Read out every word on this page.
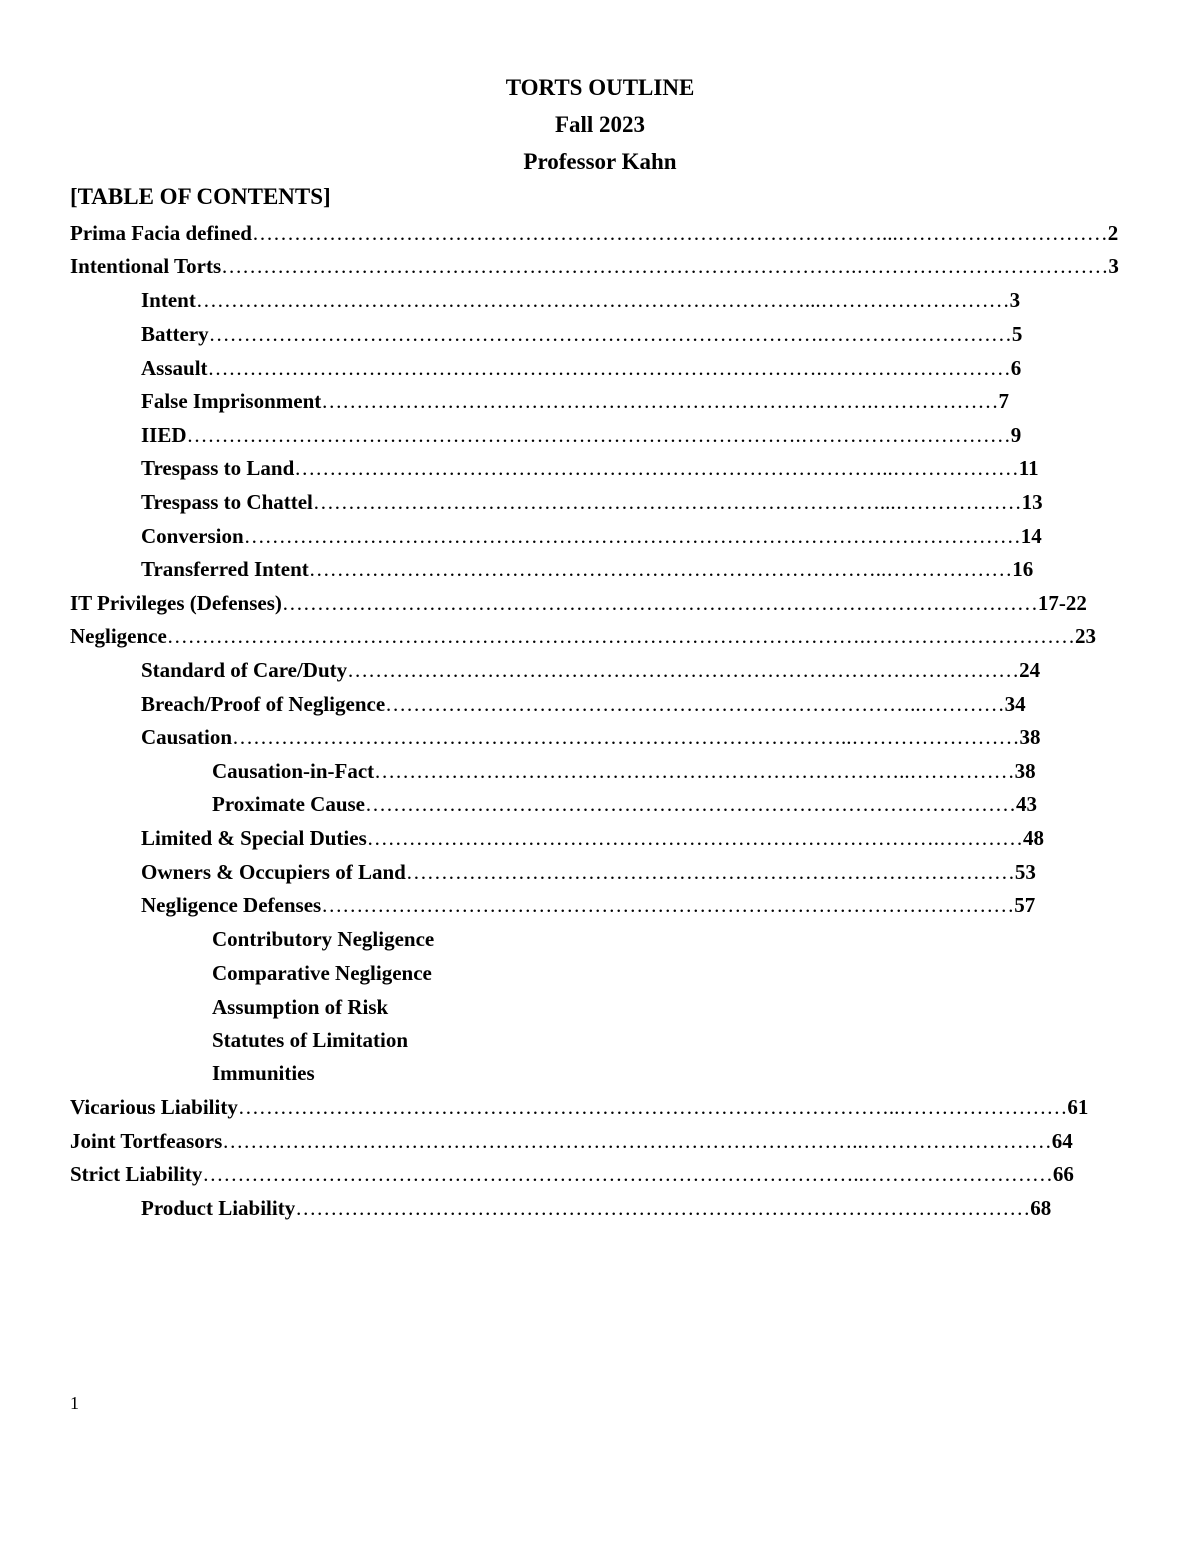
TORTS OUTLINE
Fall 2023
Professor Kahn
[TABLE OF CONTENTS]
Prima Facia defined………………………………………………………………………………...…………………………2
Intentional Torts……………………………………………………………………………….………………………………3
Intent……………………………………………………………………………...………………………3
Battery…………………………………………………………………………….………………………5
Assault…………………………………………………………………………….………………………6
False Imprisonment…………………………………………………………………….………………7
IIED…………………………………………………………………………….…………………………9
Trespass to Land…………………………………………………………………………..………………11
Trespass to Chattel………………………………………………………………………...………………13
Conversion…………………………………………………………………………………………………14
Transferred Intent………………………………………………………………………..………………16
IT Privileges (Defenses)………………………………………………………………………………………………17-22
Negligence……………………………………………………………………………………….…………………………23
Standard of Care/Duty……………………………………………………………………………………24
Breach/Proof of Negligence…………………………………………………………………..…………34
Causation……………………………………………………………………………..……………………38
Causation-in-Fact…………………………………………………………………..……………38
Proximate Cause…………………………………………………………………………………43
Limited & Special Duties……………………………………………………………………….…………48
Owners & Occupiers of Land……………………………………………………………………………53
Negligence Defenses………………………………………………………………………………………57
Vicarious Liability…………………………………………………………………………………..……………………61
Joint Tortfeasors………………………………………………………………………………..………………………64
Strict Liability…………………………………………………………………………………..………………………66
Product Liability……………………………………………………………………………………………68
Contributory Negligence
Comparative Negligence
Assumption of Risk
Statutes of Limitation
Immunities
1
